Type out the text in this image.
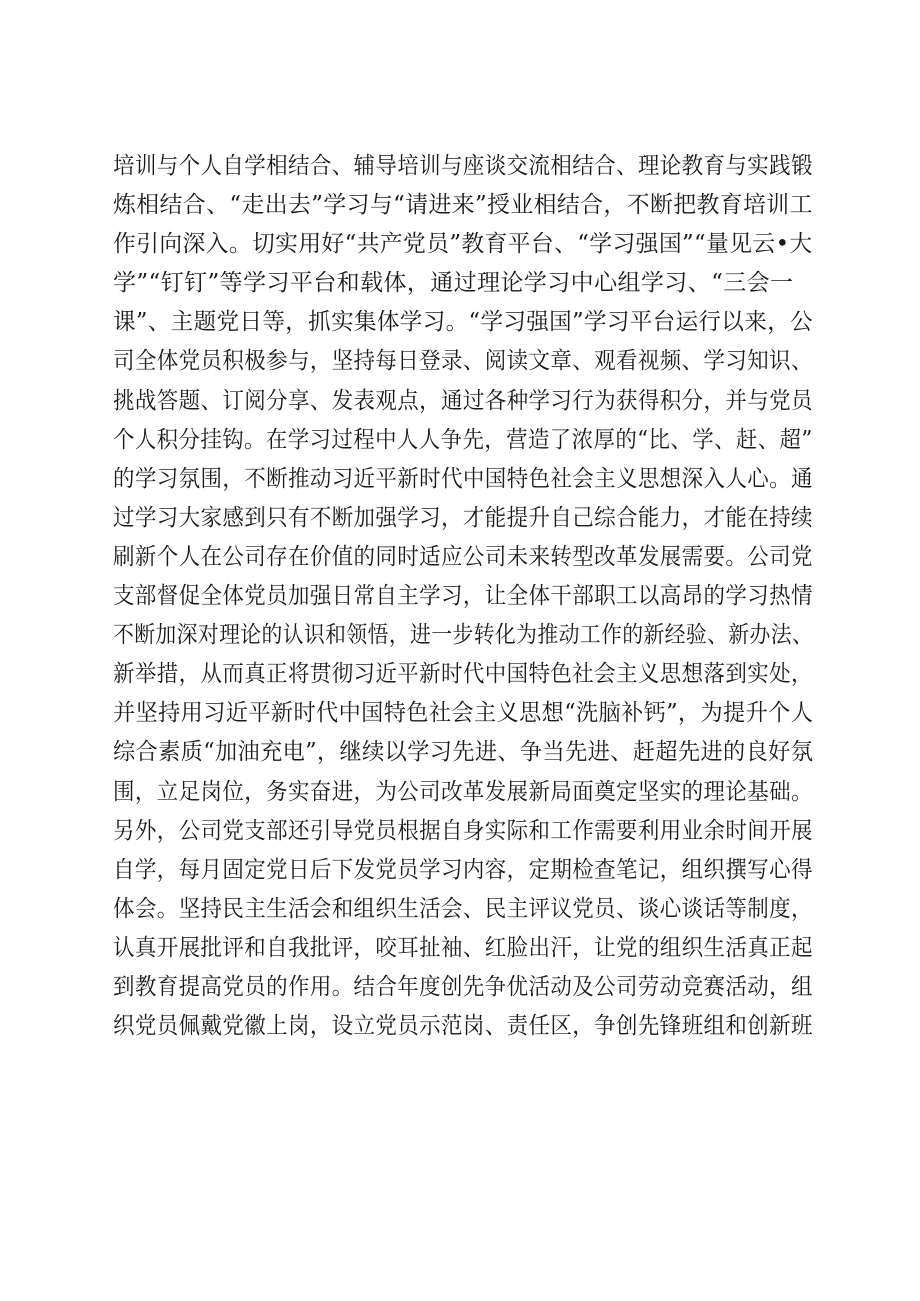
培训与个人自学相结合、辅导培训与座谈交流相结合、理论教育与实践锻
炼相结合、“走出去”学习与“请进来”授业相结合，不断把教育培训工
作引向深入。切实用好“共产党员”教育平台、“学习强国”“量见云•大
学”“钉钉”等学习平台和载体，通过理论学习中心组学习、“三会一
课”、主题党日等，抓实集体学习。“学习强国”学习平台运行以来，公
司全体党员积极参与，坚持每日登录、阅读文章、观看视频、学习知识、
挑战答题、订阅分享、发表观点，通过各种学习行为获得积分，并与党员
个人积分挂钩。在学习过程中人人争先，营造了浓厚的“比、学、赶、超”
的学习氛围，不断推动习近平新时代中国特色社会主义思想深入人心。通
过学习大家感到只有不断加强学习，才能提升自己综合能力，才能在持续
刷新个人在公司存在价值的同时适应公司未来转型改革发展需要。公司党
支部督促全体党员加强日常自主学习，让全体干部职工以高昂的学习热情
不断加深对理论的认识和领悟，进一步转化为推动工作的新经验、新办法、
新举措，从而真正将贯彻习近平新时代中国特色社会主义思想落到实处，
并坚持用习近平新时代中国特色社会主义思想“洗脑补钙”，为提升个人
综合素质“加油充电”，继续以学习先进、争当先进、赶超先进的良好氛
围，立足岗位，务实奋进，为公司改革发展新局面奠定坚实的理论基础。
另外，公司党支部还引导党员根据自身实际和工作需要利用业余时间开展
自学，每月固定党日后下发党员学习内容，定期检查笔记，组织撰写心得
体会。坚持民主生活会和组织生活会、民主评议党员、谈心谈话等制度，
认真开展批评和自我批评，咬耳扯袖、红脸出汗，让党的组织生活真正起
到教育提高党员的作用。结合年度创先争优活动及公司劳动竞赛活动，组
织党员佩戴党徽上岗，设立党员示范岗、责任区，争创先锋班组和创新班
